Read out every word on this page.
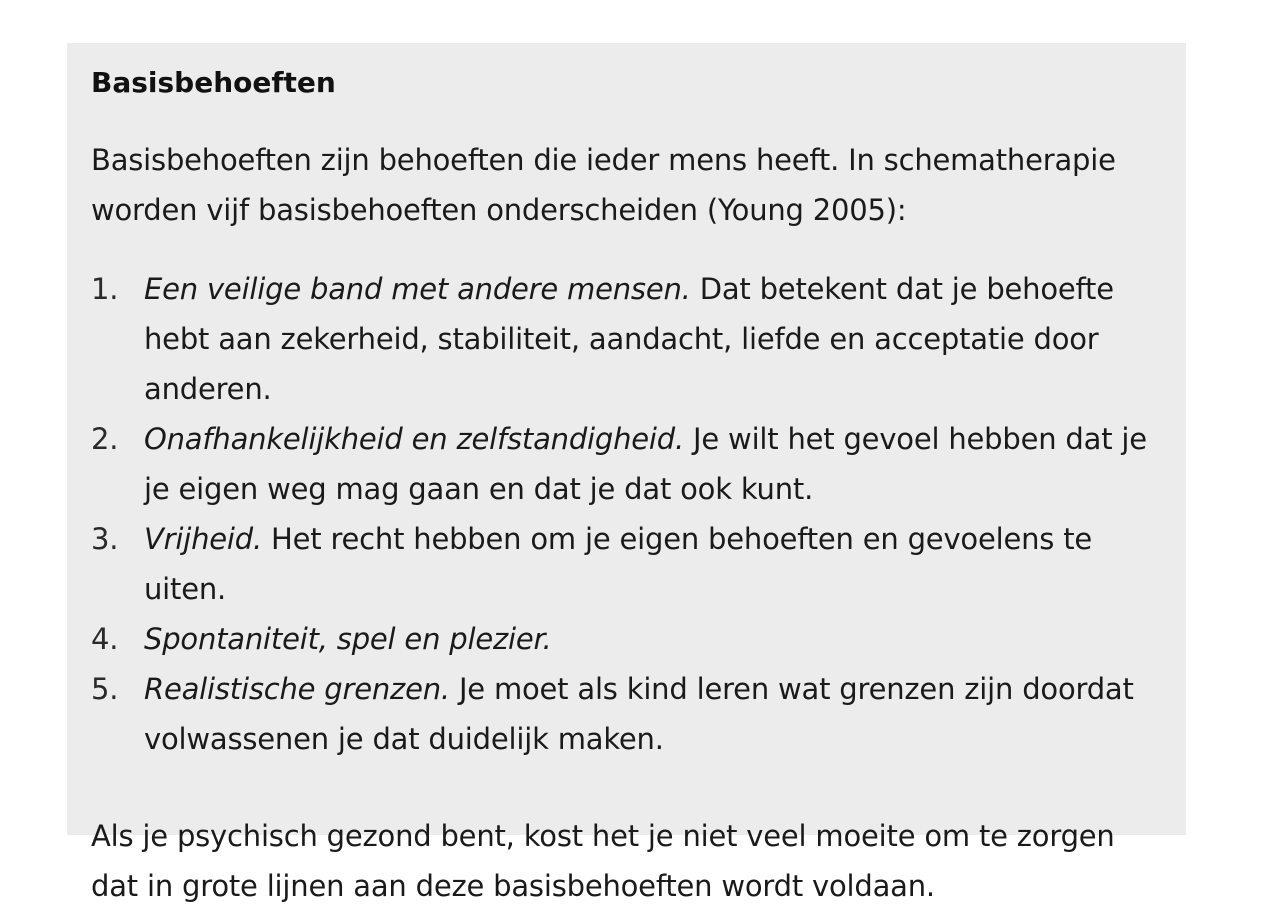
Basisbehoeften

Basisbehoeften zijn behoeften die ieder mens heeft. In schematherapie worden vijf basisbehoeften onderscheiden (Young 2005):

1. Een veilige band met andere mensen. Dat betekent dat je behoefte hebt aan zekerheid, stabiliteit, aandacht, liefde en acceptatie door anderen.
2. Onafhankelijkheid en zelfstandigheid. Je wilt het gevoel hebben dat je je eigen weg mag gaan en dat je dat ook kunt.
3. Vrijheid. Het recht hebben om je eigen behoeften en gevoelens te uiten.
4. Spontaniteit, spel en plezier.
5. Realistische grenzen. Je moet als kind leren wat grenzen zijn doordat volwassenen je dat duidelijk maken.

Als je psychisch gezond bent, kost het je niet veel moeite om te zorgen dat in grote lijnen aan deze basisbehoeften wordt voldaan.
